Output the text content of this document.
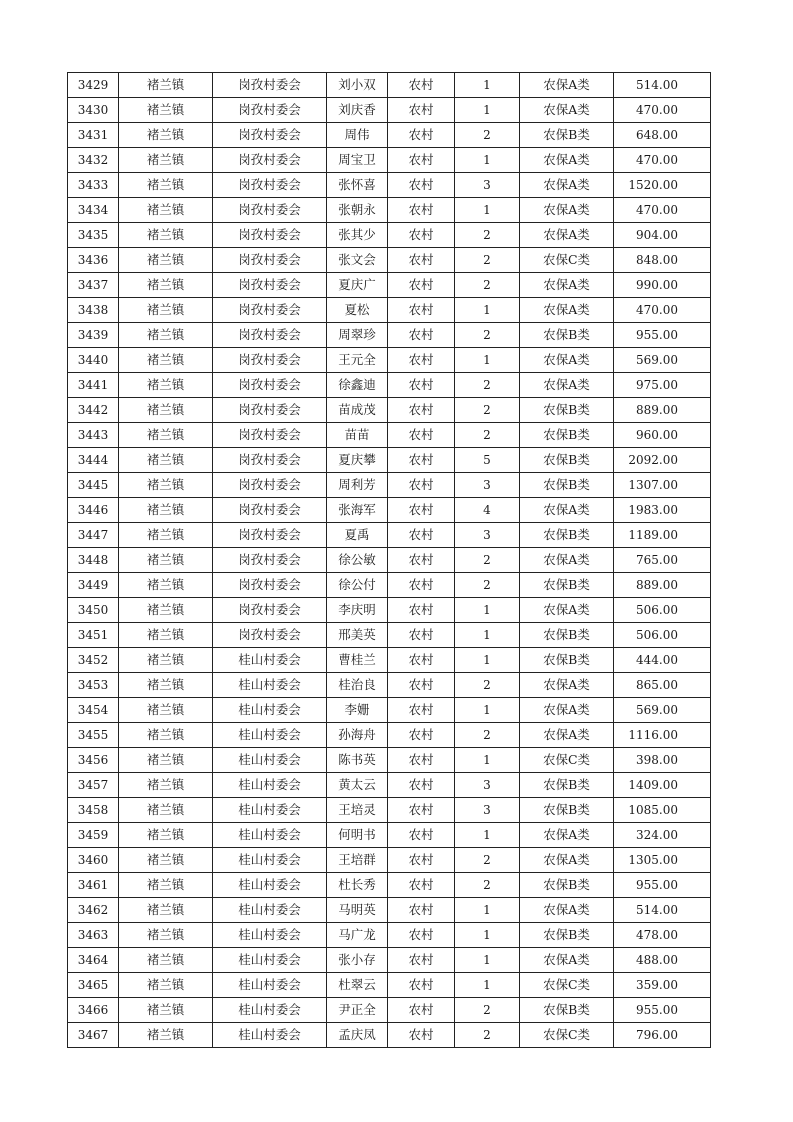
3429	褚兰镇	岗孜村委会	刘小双	农村	1	农保A类	514.00
3430	褚兰镇	岗孜村委会	刘庆香	农村	1	农保A类	470.00
3431	褚兰镇	岗孜村委会	周伟	农村	2	农保B类	648.00
3432	褚兰镇	岗孜村委会	周宝卫	农村	1	农保A类	470.00
3433	褚兰镇	岗孜村委会	张怀喜	农村	3	农保A类	1520.00
3434	褚兰镇	岗孜村委会	张朝永	农村	1	农保A类	470.00
3435	褚兰镇	岗孜村委会	张其少	农村	2	农保A类	904.00
3436	褚兰镇	岗孜村委会	张文会	农村	2	农保C类	848.00
3437	褚兰镇	岗孜村委会	夏庆广	农村	2	农保A类	990.00
3438	褚兰镇	岗孜村委会	夏松	农村	1	农保A类	470.00
3439	褚兰镇	岗孜村委会	周翠珍	农村	2	农保B类	955.00
3440	褚兰镇	岗孜村委会	王元全	农村	1	农保A类	569.00
3441	褚兰镇	岗孜村委会	徐鑫迪	农村	2	农保A类	975.00
3442	褚兰镇	岗孜村委会	苗成茂	农村	2	农保B类	889.00
3443	褚兰镇	岗孜村委会	苗苗	农村	2	农保B类	960.00
3444	褚兰镇	岗孜村委会	夏庆攀	农村	5	农保B类	2092.00
3445	褚兰镇	岗孜村委会	周利芳	农村	3	农保B类	1307.00
3446	褚兰镇	岗孜村委会	张海军	农村	4	农保A类	1983.00
3447	褚兰镇	岗孜村委会	夏禹	农村	3	农保B类	1189.00
3448	褚兰镇	岗孜村委会	徐公敏	农村	2	农保A类	765.00
3449	褚兰镇	岗孜村委会	徐公付	农村	2	农保B类	889.00
3450	褚兰镇	岗孜村委会	李庆明	农村	1	农保A类	506.00
3451	褚兰镇	岗孜村委会	邢美英	农村	1	农保B类	506.00
3452	褚兰镇	桂山村委会	曹桂兰	农村	1	农保B类	444.00
3453	褚兰镇	桂山村委会	桂治良	农村	2	农保A类	865.00
3454	褚兰镇	桂山村委会	李姗	农村	1	农保A类	569.00
3455	褚兰镇	桂山村委会	孙海舟	农村	2	农保A类	1116.00
3456	褚兰镇	桂山村委会	陈书英	农村	1	农保C类	398.00
3457	褚兰镇	桂山村委会	黄太云	农村	3	农保B类	1409.00
3458	褚兰镇	桂山村委会	王培灵	农村	3	农保B类	1085.00
3459	褚兰镇	桂山村委会	何明书	农村	1	农保A类	324.00
3460	褚兰镇	桂山村委会	王培群	农村	2	农保A类	1305.00
3461	褚兰镇	桂山村委会	杜长秀	农村	2	农保B类	955.00
3462	褚兰镇	桂山村委会	马明英	农村	1	农保A类	514.00
3463	褚兰镇	桂山村委会	马广龙	农村	1	农保B类	478.00
3464	褚兰镇	桂山村委会	张小存	农村	1	农保A类	488.00
3465	褚兰镇	桂山村委会	杜翠云	农村	1	农保C类	359.00
3466	褚兰镇	桂山村委会	尹正全	农村	2	农保B类	955.00
3467	褚兰镇	桂山村委会	孟庆凤	农村	2	农保C类	796.00
